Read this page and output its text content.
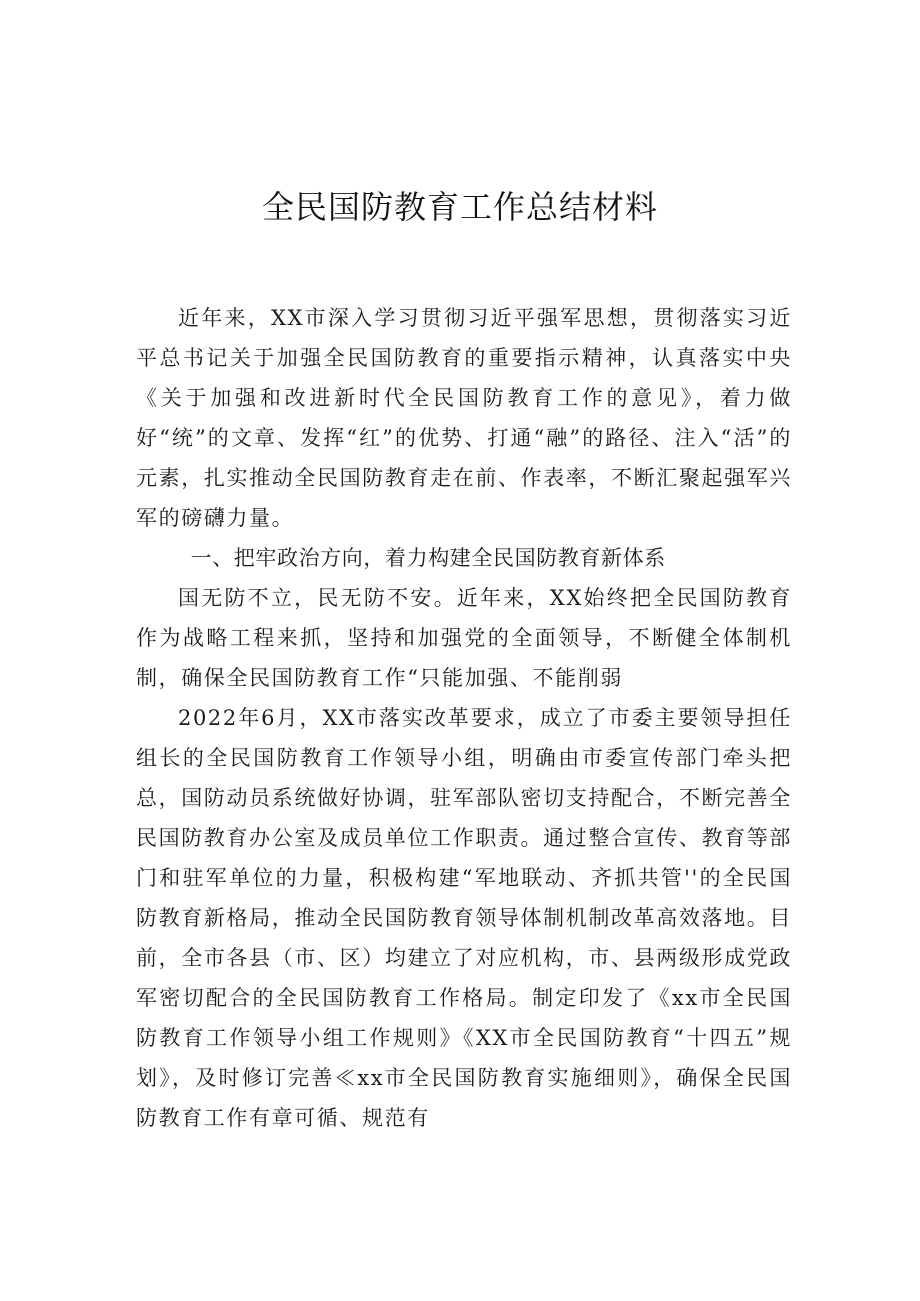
全民国防教育工作总结材料

近年来，XX市深入学习贯彻习近平强军思想，贯彻落实习近平总书记关于加强全民国防教育的重要指示精神，认真落实中央《关于加强和改进新时代全民国防教育工作的意见》，着力做好“统”的文章、发挥“红”的优势、打通“融”的路径、注入“活”的元素，扎实推动全民国防教育走在前、作表率，不断汇聚起强军兴军的磅礴力量。

一、把牢政治方向，着力构建全民国防教育新体系

国无防不立，民无防不安。近年来，XX始终把全民国防教育作为战略工程来抓，坚持和加强党的全面领导，不断健全体制机制，确保全民国防教育工作“只能加强、不能削弱

2022年6月，XX市落实改革要求，成立了市委主要领导担任组长的全民国防教育工作领导小组，明确由市委宣传部门牵头把总，国防动员系统做好协调，驻军部队密切支持配合，不断完善全民国防教育办公室及成员单位工作职责。通过整合宣传、教育等部门和驻军单位的力量，积极构建“军地联动、齐抓共管''的全民国防教育新格局，推动全民国防教育领导体制机制改革高效落地。目前，全市各县（市、区）均建立了对应机构，市、县两级形成党政军密切配合的全民国防教育工作格局。制定印发了《xx市全民国防教育工作领导小组工作规则》《XX市全民国防教育“十四五”规划》，及时修订完善≪xx市全民国防教育实施细则》，确保全民国防教育工作有章可循、规范有
